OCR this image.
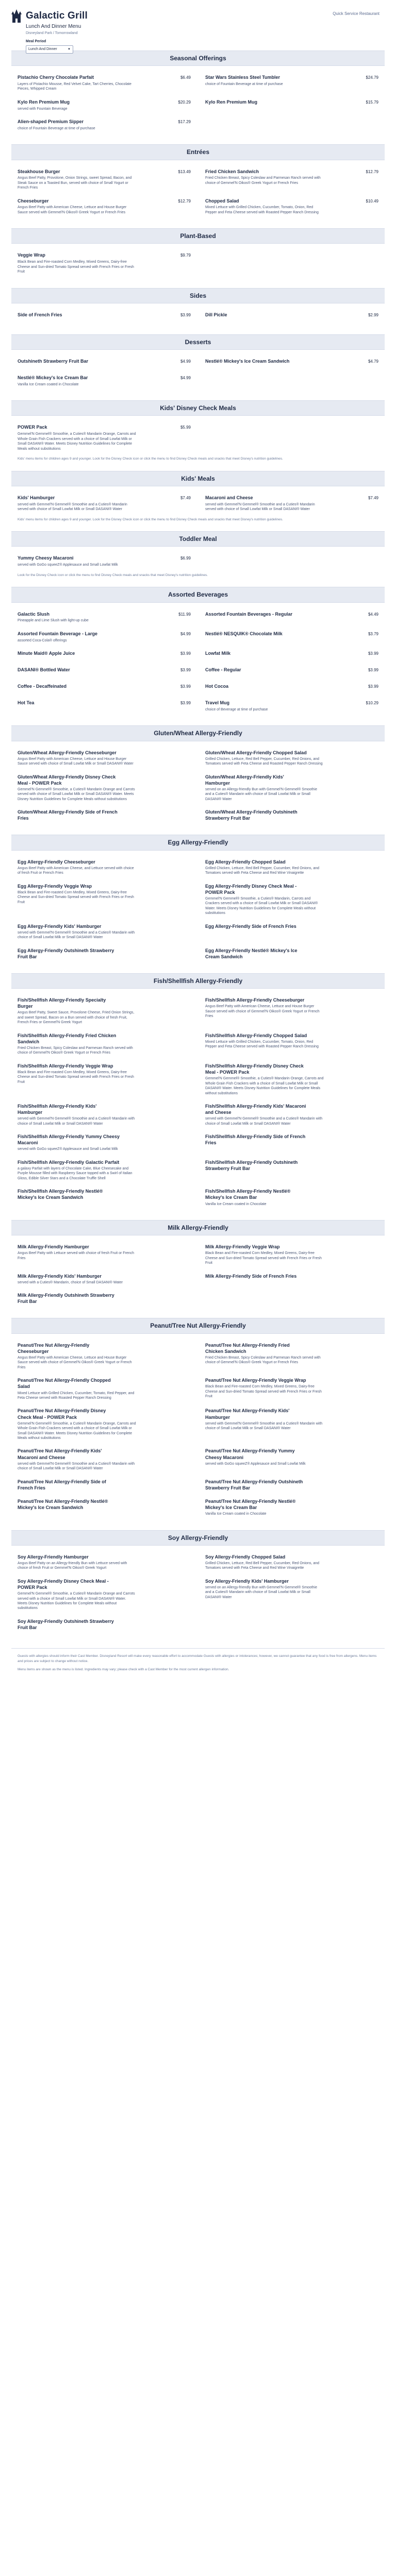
Galactic Grill
Lunch And Dinner Menu
Disneyland Park / Tomorrowland
Meal Period
Lunch And Dinner	▼
Quick Service Restaurant
Seasonal Offerings
Pistachio Cherry Chocolate Parfait	$6.49
Layers of Pistachio Mousse, Red Velvet Cake, Tart Cherries, Chocolate Pieces, Whipped Cream
Star Wars Stainless Steel Tumbler	$24.79
choice of Fountain Beverage at time of purchase
Kylo Ren Premium Mug	$20.29
served with Fountain Beverage
Kylo Ren Premium Mug	$15.79
Alien-shaped Premium Sipper	$17.29
choice of Fountain Beverage at time of purchase
Entrées
Steakhouse Burger	$13.49
Angus Beef Patty, Provolone, Onion Strings, sweet Spread, Bacon, and Steak Sauce on a Toasted Bun, served with choice of Small Yogurt or French Fries
Fried Chicken Sandwich	$12.79
Fried Chicken Breast, Spicy Coleslaw and Parmesan Ranch served with choice of Gemmel'N Oikos® Greek Yogurt or French Fries
Cheeseburger	$12.79
Angus Beef Patty with American Cheese, Lettuce and House Burger Sauce served with Gemmel'N Oikos® Greek Yogurt or French Fries
Chopped Salad	$10.49
Mixed Lettuce with Grilled Chicken, Cucumber, Tomato, Onion, Red Pepper and Feta Cheese served with Roasted Pepper Ranch Dressing
Plant-Based
Veggie Wrap	$9.79
Black Bean and Fire-roasted Corn Medley, Mixed Greens, Dairy-free Cheese and Sun-dried Tomato Spread served with French Fries or Fresh Fruit
Sides
Side of French Fries	$3.99	Dill Pickle	$2.99
Desserts
Outshineth Strawberry Fruit Bar	$4.99	Nestlé® Mickey's Ice Cream Sandwich	$4.79
Nestlé® Mickey's Ice Cream Bar	$4.99
Vanilla Ice Cream coated in Chocolate
Kids' Disney Check Meals
POWER Pack	$5.99
Gemmel'N Gemmel® Smoothie, a Cuties® Mandarin Orange, Carrots and Whole Grain Fish Crackers served with a choice of Small Lowfat Milk or Small DASANI® Water. Meets Disney Nutrition Guidelines for Complete Meals without substitutions
Kids' menu items for children ages 9 and younger. Look for the Disney Check icon or click the menu to find Disney Check meals and snacks that meet Disney's nutrition guidelines.
Kids' Meals
Kids' Hamburger	$7.49
served with Gemmel'N Gemmel® Smoothie and a Cuties® Mandarin served with choice of Small Lowfat Milk or Small DASANI® Water
Macaroni and Cheese	$7.49
served with Gemmel'N Gemmel® Smoothie and a Cuties® Mandarin served with choice of Small Lowfat Milk or Small DASANI® Water
Kids' menu items for children ages 9 and younger. Look for the Disney Check icon or click the menu to find Disney Check meals and snacks that meet Disney's nutrition guidelines.
Toddler Meal
Yummy Cheesy Macaroni	$6.99
served with GoGo squeeZ® Applesauce and Small Lowfat Milk
Look for the Disney Check icon or click the menu to find Disney Check meals and snacks that meet Disney's nutrition guidelines.
Assorted Beverages
Galactic Slush	$11.99
Pineapple and Lime Slush with light-up cube
Assorted Fountain Beverages - Regular	$4.49
Assorted Fountain Beverage - Large	$4.99
assorted Coca-Cola® offerings
Nestlé® NESQUIK® Chocolate Milk	$3.79
Minute Maid® Apple Juice	$3.99	Lowfat Milk	$3.99
DASANI® Bottled Water	$3.99	Coffee - Regular	$3.99
Coffee - Decaffeinated	$3.99	Hot Cocoa	$3.99
Hot Tea	$3.99	Travel Mug	$10.29
choice of Beverage at time of purchase
Gluten/Wheat Allergy-Friendly
Gluten/Wheat Allergy-Friendly Cheeseburger
Angus Beef Patty with American Cheese, Lettuce and House Burger Sauce served with choice of Small Lowfat Milk or Small DASANI® Water
Gluten/Wheat Allergy-Friendly Chopped Salad
Grilled Chicken, Lettuce, Red Bell Pepper, Cucumber, Red Onions, and Tomatoes served with Feta Cheese and Roasted Pepper Ranch Dressing
Gluten/Wheat Allergy-Friendly Disney Check Meal - POWER Pack
Gemmel'N Gemmel® Smoothie, a Cuties® Mandarin Orange and Carrots served with choice of Small Lowfat Milk or Small DASANI® Water. Meets Disney Nutrition Guidelines for Complete Meals without substitutions
Gluten/Wheat Allergy-Friendly Kids' Hamburger
served on an Allergy-friendly Bun with Gemmel'N Gemmel® Smoothie and a Cuties® Mandarin with choice of Small Lowfat Milk or Small DASANI® Water
Gluten/Wheat Allergy-Friendly Side of French Fries
Gluten/Wheat Allergy-Friendly Outshineth Strawberry Fruit Bar
Egg Allergy-Friendly
Egg Allergy-Friendly Cheeseburger
Angus Beef Patty with American Cheese, and Lettuce served with choice of fresh Fruit or French Fries
Egg Allergy-Friendly Chopped Salad
Grilled Chicken, Lettuce, Red Bell Pepper, Cucumber, Red Onions, and Tomatoes served with Feta Cheese and Red Wine Vinaigrette
Egg Allergy-Friendly Veggie Wrap
Black Bean and Fire-roasted Corn Medley, Mixed Greens, Dairy-free Cheese and Sun-dried Tomato Spread served with French Fries or Fresh Fruit
Egg Allergy-Friendly Disney Check Meal - POWER Pack
Gemmel'N Gemmel® Smoothie, a Cuties® Mandarin, Carrots and Crackers served with a choice of Small Lowfat Milk or Small DASANI® Water. Meets Disney Nutrition Guidelines for Complete Meals without substitutions
Egg Allergy-Friendly Kids' Hamburger
served with Gemmel'N Gemmel® Smoothie and a Cuties® Mandarin with choice of Small Lowfat Milk or Small DASANI® Water
Egg Allergy-Friendly Side of French Fries
Egg Allergy-Friendly Outshineth Strawberry Fruit Bar
Egg Allergy-Friendly Nestlé® Mickey's Ice Cream Sandwich
Fish/Shellfish Allergy-Friendly
Fish/Shellfish Allergy-Friendly Specialty Burger
Angus Beef Patty, Sweet Sauce, Provolone Cheese, Fried Onion Strings, and sweet Spread, Bacon on a Bun served with choice of fresh Fruit, French Fries or Gemmel'N Greek Yogurt
Fish/Shellfish Allergy-Friendly Cheeseburger
Angus Beef Patty with American Cheese, Lettuce and House Burger Sauce served with choice of Gemmel'N Oikos® Greek Yogurt or French Fries
Fish/Shellfish Allergy-Friendly Fried Chicken Sandwich
Fried Chicken Breast, Spicy Coleslaw and Parmesan Ranch served with choice of Gemmel'N Oikos® Greek Yogurt or French Fries
Fish/Shellfish Allergy-Friendly Chopped Salad
Mixed Lettuce with Grilled Chicken, Cucumber, Tomato, Onion, Red Pepper and Feta Cheese served with Roasted Pepper Ranch Dressing
Fish/Shellfish Allergy-Friendly Veggie Wrap
Black Bean and Fire-roasted Corn Medley, Mixed Greens, Dairy-free Cheese and Sun-dried Tomato Spread served with French Fries or Fresh Fruit
Fish/Shellfish Allergy-Friendly Disney Check Meal - POWER Pack
Gemmel'N Gemmel® Smoothie, a Cuties® Mandarin Orange, Carrots and Whole Grain Fish Crackers with a choice of Small Lowfat Milk or Small DASANI® Water. Meets Disney Nutrition Guidelines for Complete Meals without substitutions
Fish/Shellfish Allergy-Friendly Kids' Hamburger
served with Gemmel'N Gemmel® Smoothie and a Cuties® Mandarin with choice of Small Lowfat Milk or Small DASANI® Water
Fish/Shellfish Allergy-Friendly Kids' Macaroni and Cheese
served with Gemmel'N Gemmel® Smoothie and a Cuties® Mandarin with choice of Small Lowfat Milk or Small DASANI® Water
Fish/Shellfish Allergy-Friendly Yummy Cheesy Macaroni
served with GoGo squeeZ® Applesauce and Small Lowfat Milk
Fish/Shellfish Allergy-Friendly Side of French Fries
Fish/Shellfish Allergy-Friendly Galactic Parfait
a galaxy Parfait with layers of Chocolate Cake, Blue Cheesecake and Purple Mousse filled with Raspberry Sauce topped with a Swirl of Italian Gloss, Edible Silver Stars and a Chocolate Truffle Shell
Fish/Shellfish Allergy-Friendly Outshineth Strawberry Fruit Bar
Fish/Shellfish Allergy-Friendly Nestlé® Mickey's Ice Cream Sandwich
Fish/Shellfish Allergy-Friendly Nestlé® Mickey's Ice Cream Bar
Vanilla Ice Cream coated in Chocolate
Milk Allergy-Friendly
Milk Allergy-Friendly Hamburger
Angus Beef Patty with Lettuce served with choice of fresh Fruit or French Fries
Milk Allergy-Friendly Veggie Wrap
Black Bean and Fire-roasted Corn Medley, Mixed Greens, Dairy-free Cheese and Sun-dried Tomato Spread served with French Fries or Fresh Fruit
Milk Allergy-Friendly Kids' Hamburger
served with a Cuties® Mandarin, choice of Small DASANI® Water
Milk Allergy-Friendly Side of French Fries
Milk Allergy-Friendly Outshineth Strawberry Fruit Bar
Peanut/Tree Nut Allergy-Friendly
Peanut/Tree Nut Allergy-Friendly Cheeseburger
Angus Beef Patty with American Cheese, Lettuce and House Burger Sauce served with choice of Gemmel'N Oikos® Greek Yogurt or French Fries
Peanut/Tree Nut Allergy-Friendly Fried Chicken Sandwich
Fried Chicken Breast, Spicy Coleslaw and Parmesan Ranch served with choice of Gemmel'N Oikos® Greek Yogurt or French Fries
Peanut/Tree Nut Allergy-Friendly Chopped Salad
Mixed Lettuce with Grilled Chicken, Cucumber, Tomato, Red Pepper, and Feta Cheese served with Roasted Pepper Ranch Dressing
Peanut/Tree Nut Allergy-Friendly Veggie Wrap
Black Bean and Fire-roasted Corn Medley, Mixed Greens, Dairy-free Cheese and Sun-dried Tomato Spread served with French Fries or Fresh Fruit
Peanut/Tree Nut Allergy-Friendly Disney Check Meal - POWER Pack
Gemmel'N Gemmel® Smoothie, a Cuties® Mandarin Orange, Carrots and Whole Grain Fish Crackers served with a choice of Small Lowfat Milk or Small DASANI® Water. Meets Disney Nutrition Guidelines for Complete Meals without substitutions
Peanut/Tree Nut Allergy-Friendly Kids' Hamburger
served with Gemmel'N Gemmel® Smoothie and a Cuties® Mandarin with choice of Small Lowfat Milk or Small DASANI® Water
Peanut/Tree Nut Allergy-Friendly Kids' Macaroni and Cheese
served with Gemmel'N Gemmel® Smoothie and a Cuties® Mandarin with choice of Small Lowfat Milk or Small DASANI® Water
Peanut/Tree Nut Allergy-Friendly Yummy Cheesy Macaroni
served with GoGo squeeZ® Applesauce and Small Lowfat Milk
Peanut/Tree Nut Allergy-Friendly Side of French Fries
Peanut/Tree Nut Allergy-Friendly Outshineth Strawberry Fruit Bar
Peanut/Tree Nut Allergy-Friendly Nestlé® Mickey's Ice Cream Sandwich
Peanut/Tree Nut Allergy-Friendly Nestlé® Mickey's Ice Cream Bar
Vanilla Ice Cream coated in Chocolate
Soy Allergy-Friendly
Soy Allergy-Friendly Hamburger
Angus Beef Patty on an Allergy-friendly Bun with Lettuce served with choice of fresh Fruit or Gemmel'N Oikos® Greek Yogurt
Soy Allergy-Friendly Chopped Salad
Grilled Chicken, Lettuce, Red Bell Pepper, Cucumber, Red Onions, and Tomatoes served with Feta Cheese and Red Wine Vinaigrette
Soy Allergy-Friendly Disney Check Meal - POWER Pack
Gemmel'N Gemmel® Smoothie, a Cuties® Mandarin Orange and Carrots served with a choice of Small Lowfat Milk or Small DASANI® Water. Meets Disney Nutrition Guidelines for Complete Meals without substitutions
Soy Allergy-Friendly Kids' Hamburger
served on an Allergy-friendly Bun with Gemmel'N Gemmel® Smoothie and a Cuties® Mandarin with choice of Small Lowfat Milk or Small DASANI® Water
Soy Allergy-Friendly Outshineth Strawberry Fruit Bar

Guests with allergies should inform their Cast Member. Disneyland Resort will make every reasonable effort to accommodate Guests with allergies or intolerances; however, we cannot guarantee that any food is free from allergens. Menu items and prices are subject to change without notice.

Menu items are shown as the menu is listed. Ingredients may vary; please check with a Cast Member for the most current allergen information.
